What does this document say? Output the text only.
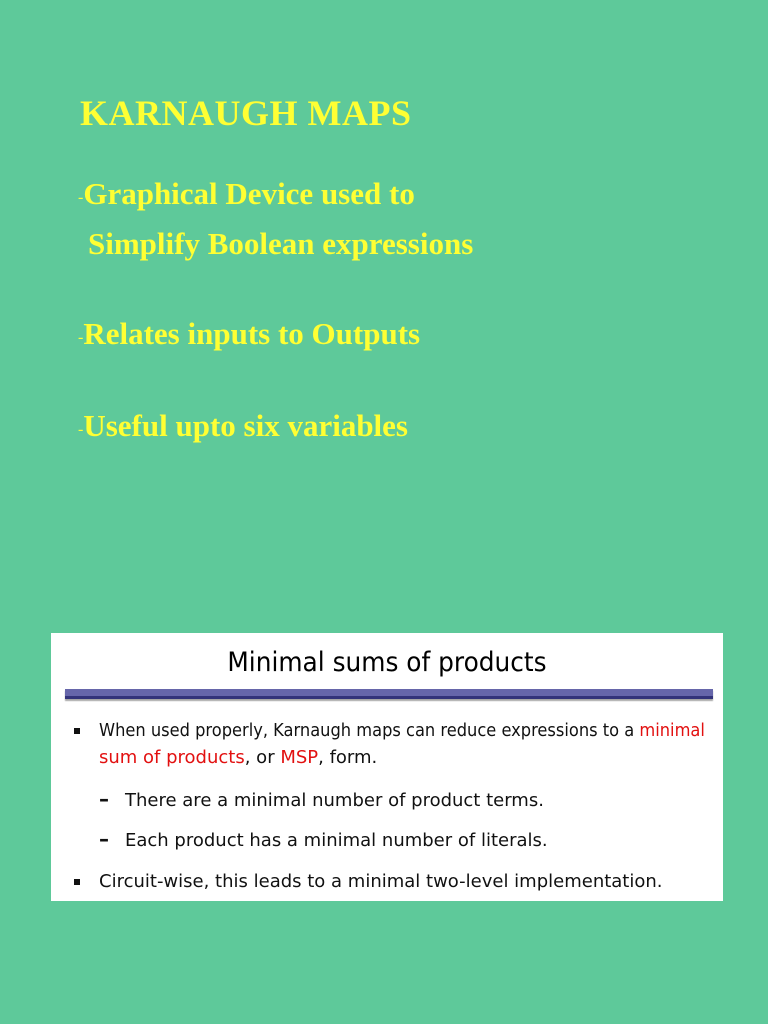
KARNAUGH MAPS
-Graphical Device used to
Simplify Boolean expressions
-Relates inputs to Outputs
-Useful upto six variables
Minimal sums of products
When used properly, Karnaugh maps can reduce expressions to a minimal
sum of products, or MSP, form.
– There are a minimal number of product terms.
– Each product has a minimal number of literals.
Circuit-wise, this leads to a minimal two-level implementation.
